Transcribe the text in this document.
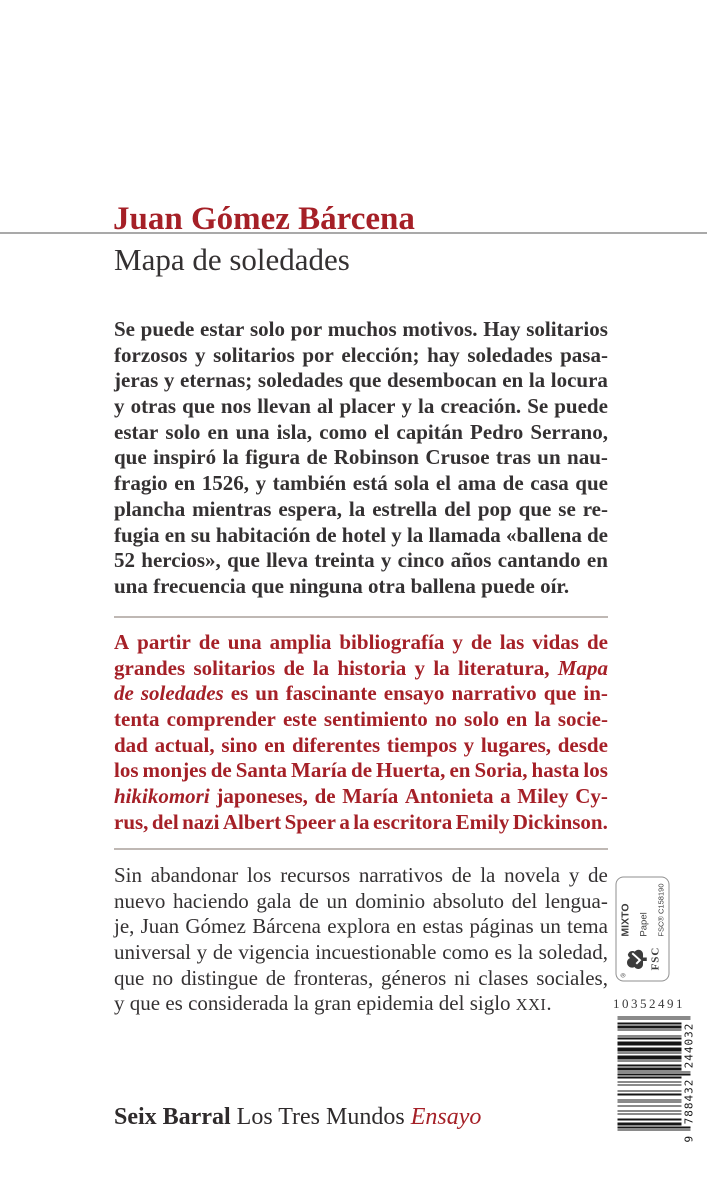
Juan Gómez Bárcena
Mapa de soledades
Se puede estar solo por muchos motivos. Hay solitarios
forzosos y solitarios por elección; hay soledades pasa-
jeras y eternas; soledades que desembocan en la locura
y otras que nos llevan al placer y la creación. Se puede
estar solo en una isla, como el capitán Pedro Serrano,
que inspiró la figura de Robinson Crusoe tras un nau-
fragio en 1526, y también está sola el ama de casa que
plancha mientras espera, la estrella del pop que se re-
fugia en su habitación de hotel y la llamada «ballena de
52 hercios», que lleva treinta y cinco años cantando en
una frecuencia que ninguna otra ballena puede oír.
A partir de una amplia bibliografía y de las vidas de
grandes solitarios de la historia y la literatura, Mapa
de soledades es un fascinante ensayo narrativo que in-
tenta comprender este sentimiento no solo en la socie-
dad actual, sino en diferentes tiempos y lugares, desde
los monjes de Santa María de Huerta, en Soria, hasta los
hikikomori japoneses, de María Antonieta a Miley Cy-
rus, del nazi Albert Speer a la escritora Emily Dickinson.
Sin abandonar los recursos narrativos de la novela y de
nuevo haciendo gala de un dominio absoluto del lengua-
je, Juan Gómez Bárcena explora en estas páginas un tema
universal y de vigencia incuestionable como es la soledad,
que no distingue de fronteras, géneros ni clases sociales,
y que es considerada la gran epidemia del siglo XXI.
Seix Barral Los Tres Mundos Ensayo
®
FSC
MIXTO Papel FSC® C158190
10352491
9
788432
244032
